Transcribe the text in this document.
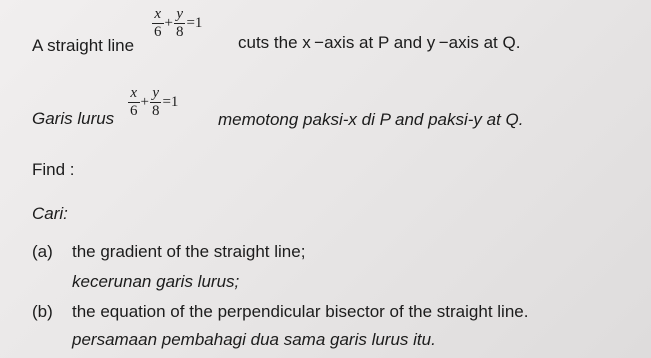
A straight line
$\frac{x}{6} + \frac{y}{8} =1$
cuts the x −axis at P and y −axis at Q.
Garis lurus $\frac{x}{6} + \frac{y}{8} =1$
memotong paksi-x di P and paksi-y at Q.
Find :
Cari:
(a) the gradient of the straight line;
kecerunan garis lurus;
(b) the equation of the perpendicular bisector of the straight line.
persamaan pembahagi dua sama garis lurus itu.
